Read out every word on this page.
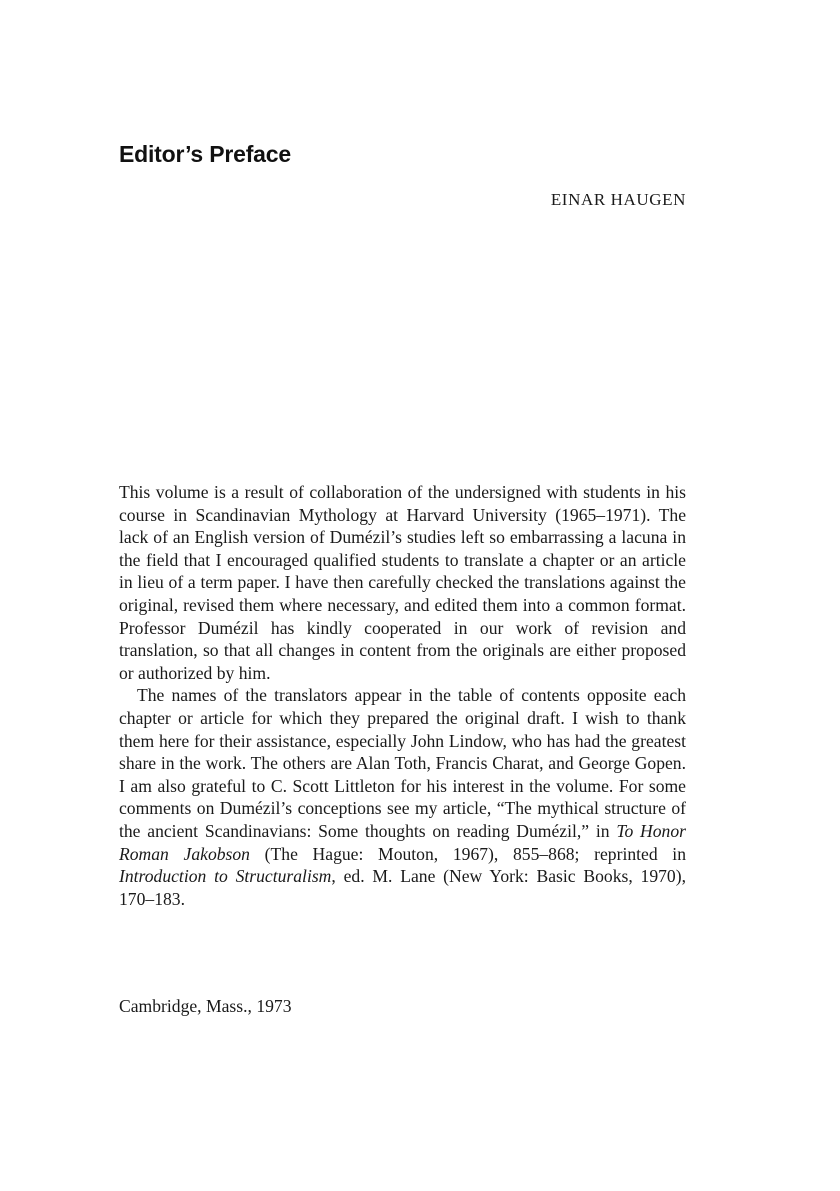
Editor’s Preface

EINAR HAUGEN

This volume is a result of collaboration of the undersigned with students in his course in Scandinavian Mythology at Harvard University (1965–1971). The lack of an English version of Dumézil’s studies left so embarrassing a lacuna in the field that I encouraged qualified students to translate a chapter or an article in lieu of a term paper. I have then carefully checked the translations against the original, revised them where necessary, and edited them into a common format. Professor Dumézil has kindly cooperated in our work of revision and translation, so that all changes in content from the originals are either proposed or authorized by him.

The names of the translators appear in the table of contents opposite each chapter or article for which they prepared the original draft. I wish to thank them here for their assistance, especially John Lindow, who has had the greatest share in the work. The others are Alan Toth, Francis Charat, and George Gopen. I am also grateful to C. Scott Littleton for his interest in the volume. For some comments on Dumézil’s conceptions see my article, “The mythical structure of the ancient Scandinavians: Some thoughts on reading Dumézil,” in To Honor Roman Jakobson (The Hague: Mouton, 1967), 855–868; reprinted in Introduction to Structuralism, ed. M. Lane (New York: Basic Books, 1970), 170–183.

Cambridge, Mass., 1973
